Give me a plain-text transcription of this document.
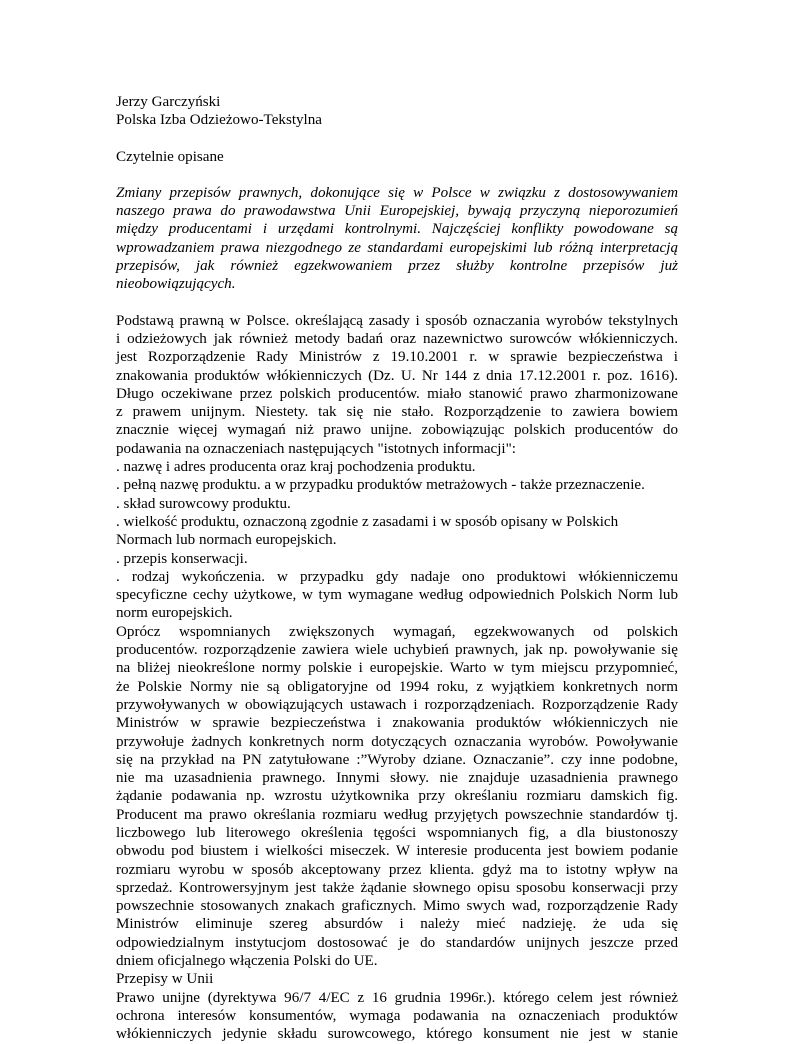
Jerzy Garczyński
Polska Izba Odzieżowo-Tekstylna
Czytelnie opisane
Zmiany przepisów prawnych, dokonujące się w Polsce w związku z dostosowywaniem
naszego prawa do prawodawstwa Unii Europejskiej, bywają przyczyną nieporozumień
między producentami i urzędami kontrolnymi. Najczęściej konflikty powodowane są
wprowadzaniem prawa niezgodnego ze standardami europejskimi lub różną interpretacją
przepisów, jak również egzekwowaniem przez służby kontrolne przepisów już
nieobowiązujących.
Podstawą prawną w Polsce. określającą zasady i sposób oznaczania wyrobów tekstylnych
i odzieżowych jak również metody badań oraz nazewnictwo surowców włókienniczych.
jest Rozporządzenie Rady Ministrów z 19.10.2001 r. w sprawie bezpieczeństwa i
znakowania produktów włókienniczych (Dz. U. Nr 144 z dnia 17.12.2001 r. poz. 1616).
Długo oczekiwane przez polskich producentów. miało stanowić prawo zharmonizowane
z prawem unijnym. Niestety. tak się nie stało. Rozporządzenie to zawiera bowiem
znacznie więcej wymagań niż prawo unijne. zobowiązując polskich producentów do
podawania na oznaczeniach następujących "istotnych informacji":
. nazwę i adres producenta oraz kraj pochodzenia produktu.
. pełną nazwę produktu. a w przypadku produktów metrażowych - także przeznaczenie.
. skład surowcowy produktu.
. wielkość produktu, oznaczoną zgodnie z zasadami i w sposób opisany w Polskich
Normach lub normach europejskich.
. przepis konserwacji.
. rodzaj wykończenia. w przypadku gdy nadaje ono produktowi włókienniczemu
specyficzne cechy użytkowe, w tym wymagane według odpowiednich Polskich Norm lub
norm europejskich.
Oprócz wspomnianych zwiększonych wymagań, egzekwowanych od polskich
producentów. rozporządzenie zawiera wiele uchybień prawnych, jak np. powoływanie się
na bliżej nieokreślone normy polskie i europejskie. Warto w tym miejscu przypomnieć,
że Polskie Normy nie są obligatoryjne od 1994 roku, z wyjątkiem konkretnych norm
przywoływanych w obowiązujących ustawach i rozporządzeniach. Rozporządzenie Rady
Ministrów w sprawie bezpieczeństwa i znakowania produktów włókienniczych nie
przywołuje żadnych konkretnych norm dotyczących oznaczania wyrobów. Powoływanie
się na przykład na PN zatytułowane :”Wyroby dziane. Oznaczanie”. czy inne podobne,
nie ma uzasadnienia prawnego. Innymi słowy. nie znajduje uzasadnienia prawnego
żądanie podawania np. wzrostu użytkownika przy określaniu rozmiaru damskich fig.
Producent ma prawo określania rozmiaru według przyjętych powszechnie standardów tj.
liczbowego lub literowego określenia tęgości wspomnianych fig, a dla biustonoszy
obwodu pod biustem i wielkości miseczek. W interesie producenta jest bowiem podanie
rozmiaru wyrobu w sposób akceptowany przez klienta. gdyż ma to istotny wpływ na
sprzedaż. Kontrowersyjnym jest także żądanie słownego opisu sposobu konserwacji przy
powszechnie stosowanych znakach graficznych. Mimo swych wad, rozporządzenie Rady
Ministrów eliminuje szereg absurdów i należy mieć nadzieję. że uda się
odpowiedzialnym instytucjom dostosować je do standardów unijnych jeszcze przed
dniem oficjalnego włączenia Polski do UE.
Przepisy w Unii
Prawo unijne (dyrektywa 96/7 4/EC z 16 grudnia 1996r.). którego celem jest również
ochrona interesów konsumentów, wymaga podawania na oznaczeniach produktów
włókienniczych jedynie składu surowcowego, którego konsument nie jest w stanie
